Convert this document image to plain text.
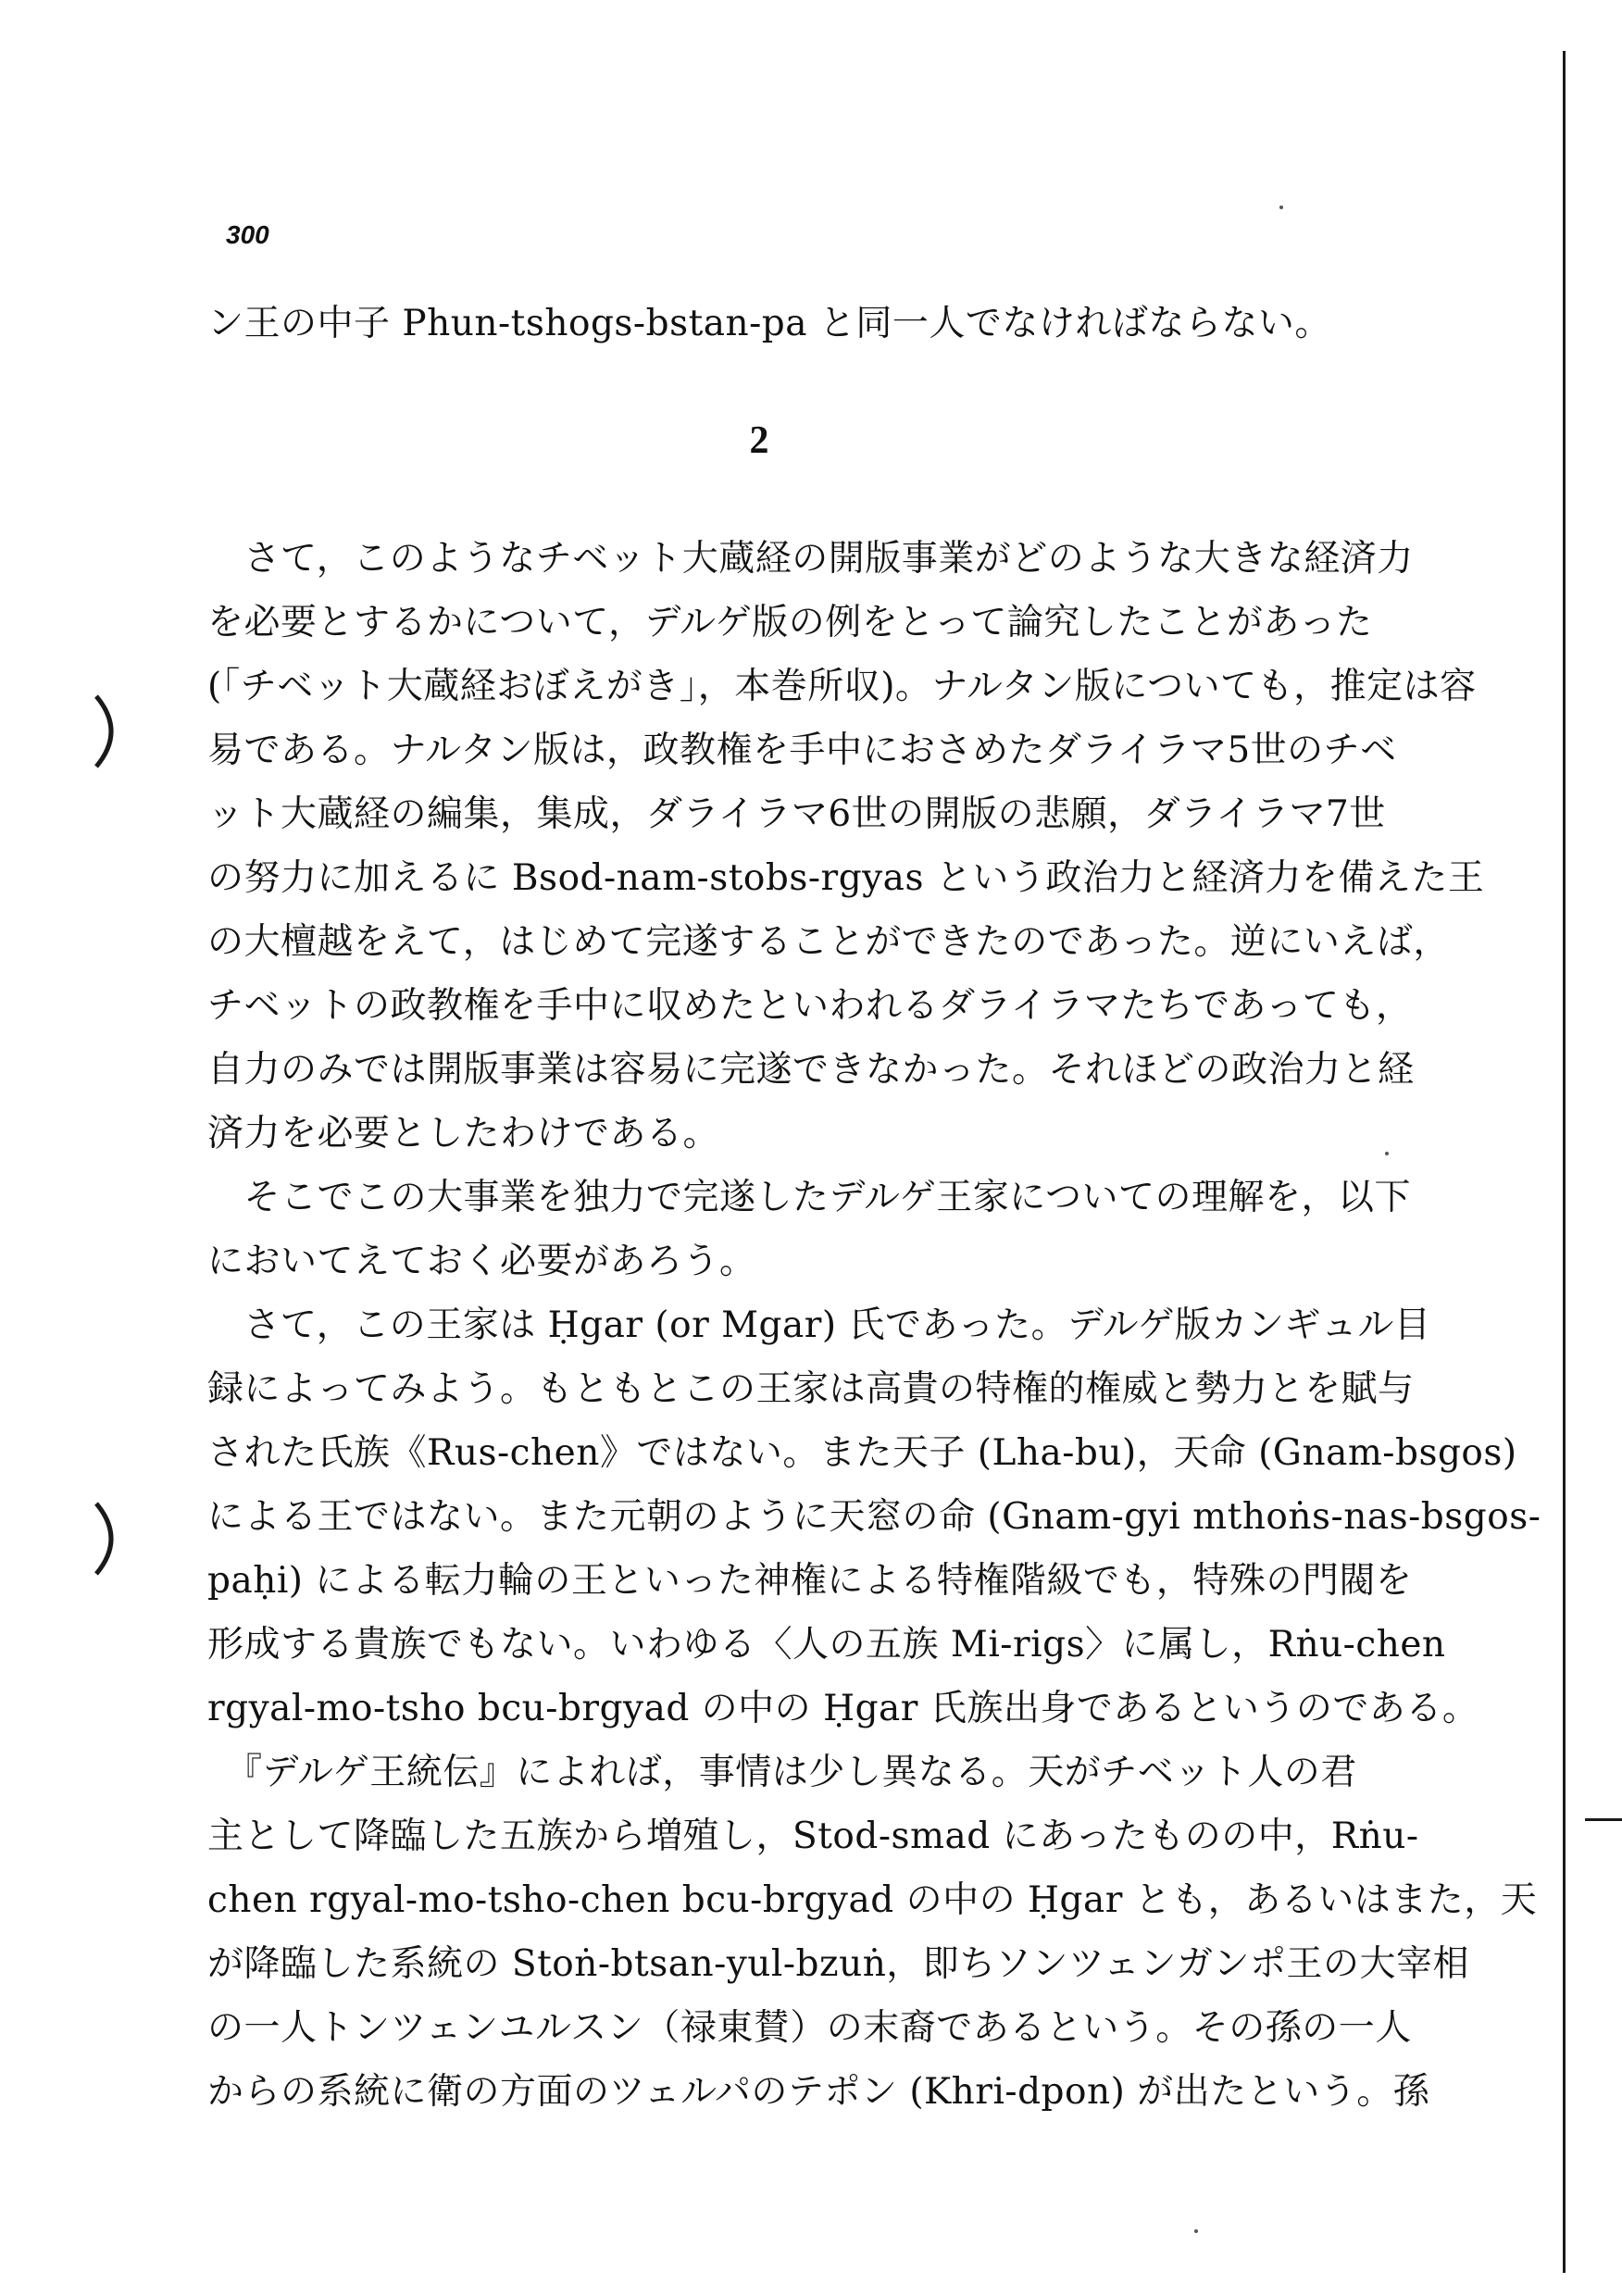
300
ン王の中子 Phun-tshogs-bstan-pa と同一人でなければならない。
2
　さて，このようなチベット大蔵経の開版事業がどのような大きな経済力
を必要とするかについて，デルゲ版の例をとって論究したことがあった
(「チベット大蔵経おぼえがき」，本巻所収)。ナルタン版についても，推定は容
易である。ナルタン版は，政教権を手中におさめたダライラマ5世のチベ
ット大蔵経の編集，集成，ダライラマ6世の開版の悲願，ダライラマ7世
の努力に加えるに Bsod-nam-stobs-rgyas という政治力と経済力を備えた王
の大檀越をえて，はじめて完遂することができたのであった。逆にいえば，
チベットの政教権を手中に収めたといわれるダライラマたちであっても，
自力のみでは開版事業は容易に完遂できなかった。それほどの政治力と経
済力を必要としたわけである。
　そこでこの大事業を独力で完遂したデルゲ王家についての理解を，以下
においてえておく必要があろう。
　さて，この王家は Ḥgar (or Mgar) 氏であった。デルゲ版カンギュル目
録によってみよう。もともとこの王家は高貴の特権的権威と勢力とを賦与
された氏族《Rus-chen》ではない。また天子 (Lha-bu)，天命 (Gnam-bsgos)
による王ではない。また元朝のように天窓の命 (Gnam-gyi mthoṅs-nas-bsgos-
paḥi) による転力輪の王といった神権による特権階級でも，特殊の門閥を
形成する貴族でもない。いわゆる〈人の五族 Mi-rigs〉に属し，Rṅu-chen
rgyal-mo-tsho bcu-brgyad の中の Ḥgar 氏族出身であるというのである。
　『デルゲ王統伝』によれば，事情は少し異なる。天がチベット人の君
主として降臨した五族から増殖し，Stod-smad にあったものの中，Rṅu-
chen rgyal-mo-tsho-chen bcu-brgyad の中の Ḥgar とも，あるいはまた，天
が降臨した系統の Stoṅ-btsan-yul-bzuṅ，即ちソンツェンガンポ王の大宰相
の一人トンツェンユルスン（禄東賛）の末裔であるという。その孫の一人
からの系統に衛の方面のツェルパのテポン (Khri-dpon) が出たという。孫
